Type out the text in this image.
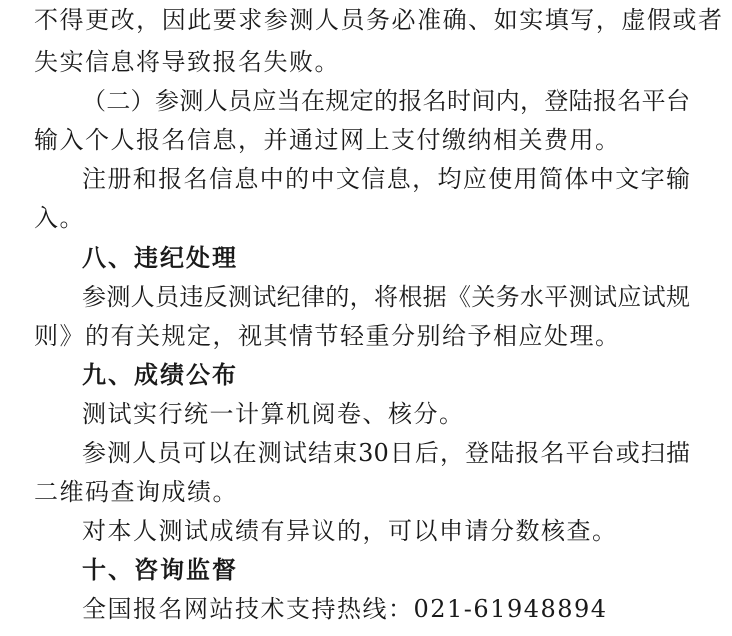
不得更改，因此要求参测人员务必准确、如实填写，虚假或者
失实信息将导致报名失败。
（二）参测人员应当在规定的报名时间内，登陆报名平台
输入个人报名信息，并通过网上支付缴纳相关费用。
注册和报名信息中的中文信息，均应使用简体中文字输
入。
八、违纪处理
参测人员违反测试纪律的，将根据《关务水平测试应试规
则》的有关规定，视其情节轻重分别给予相应处理。
九、成绩公布
测试实行统一计算机阅卷、核分。
参测人员可以在测试结束30日后，登陆报名平台或扫描
二维码查询成绩。
对本人测试成绩有异议的，可以申请分数核查。
十、咨询监督
全国报名网站技术支持热线：021-61948894
